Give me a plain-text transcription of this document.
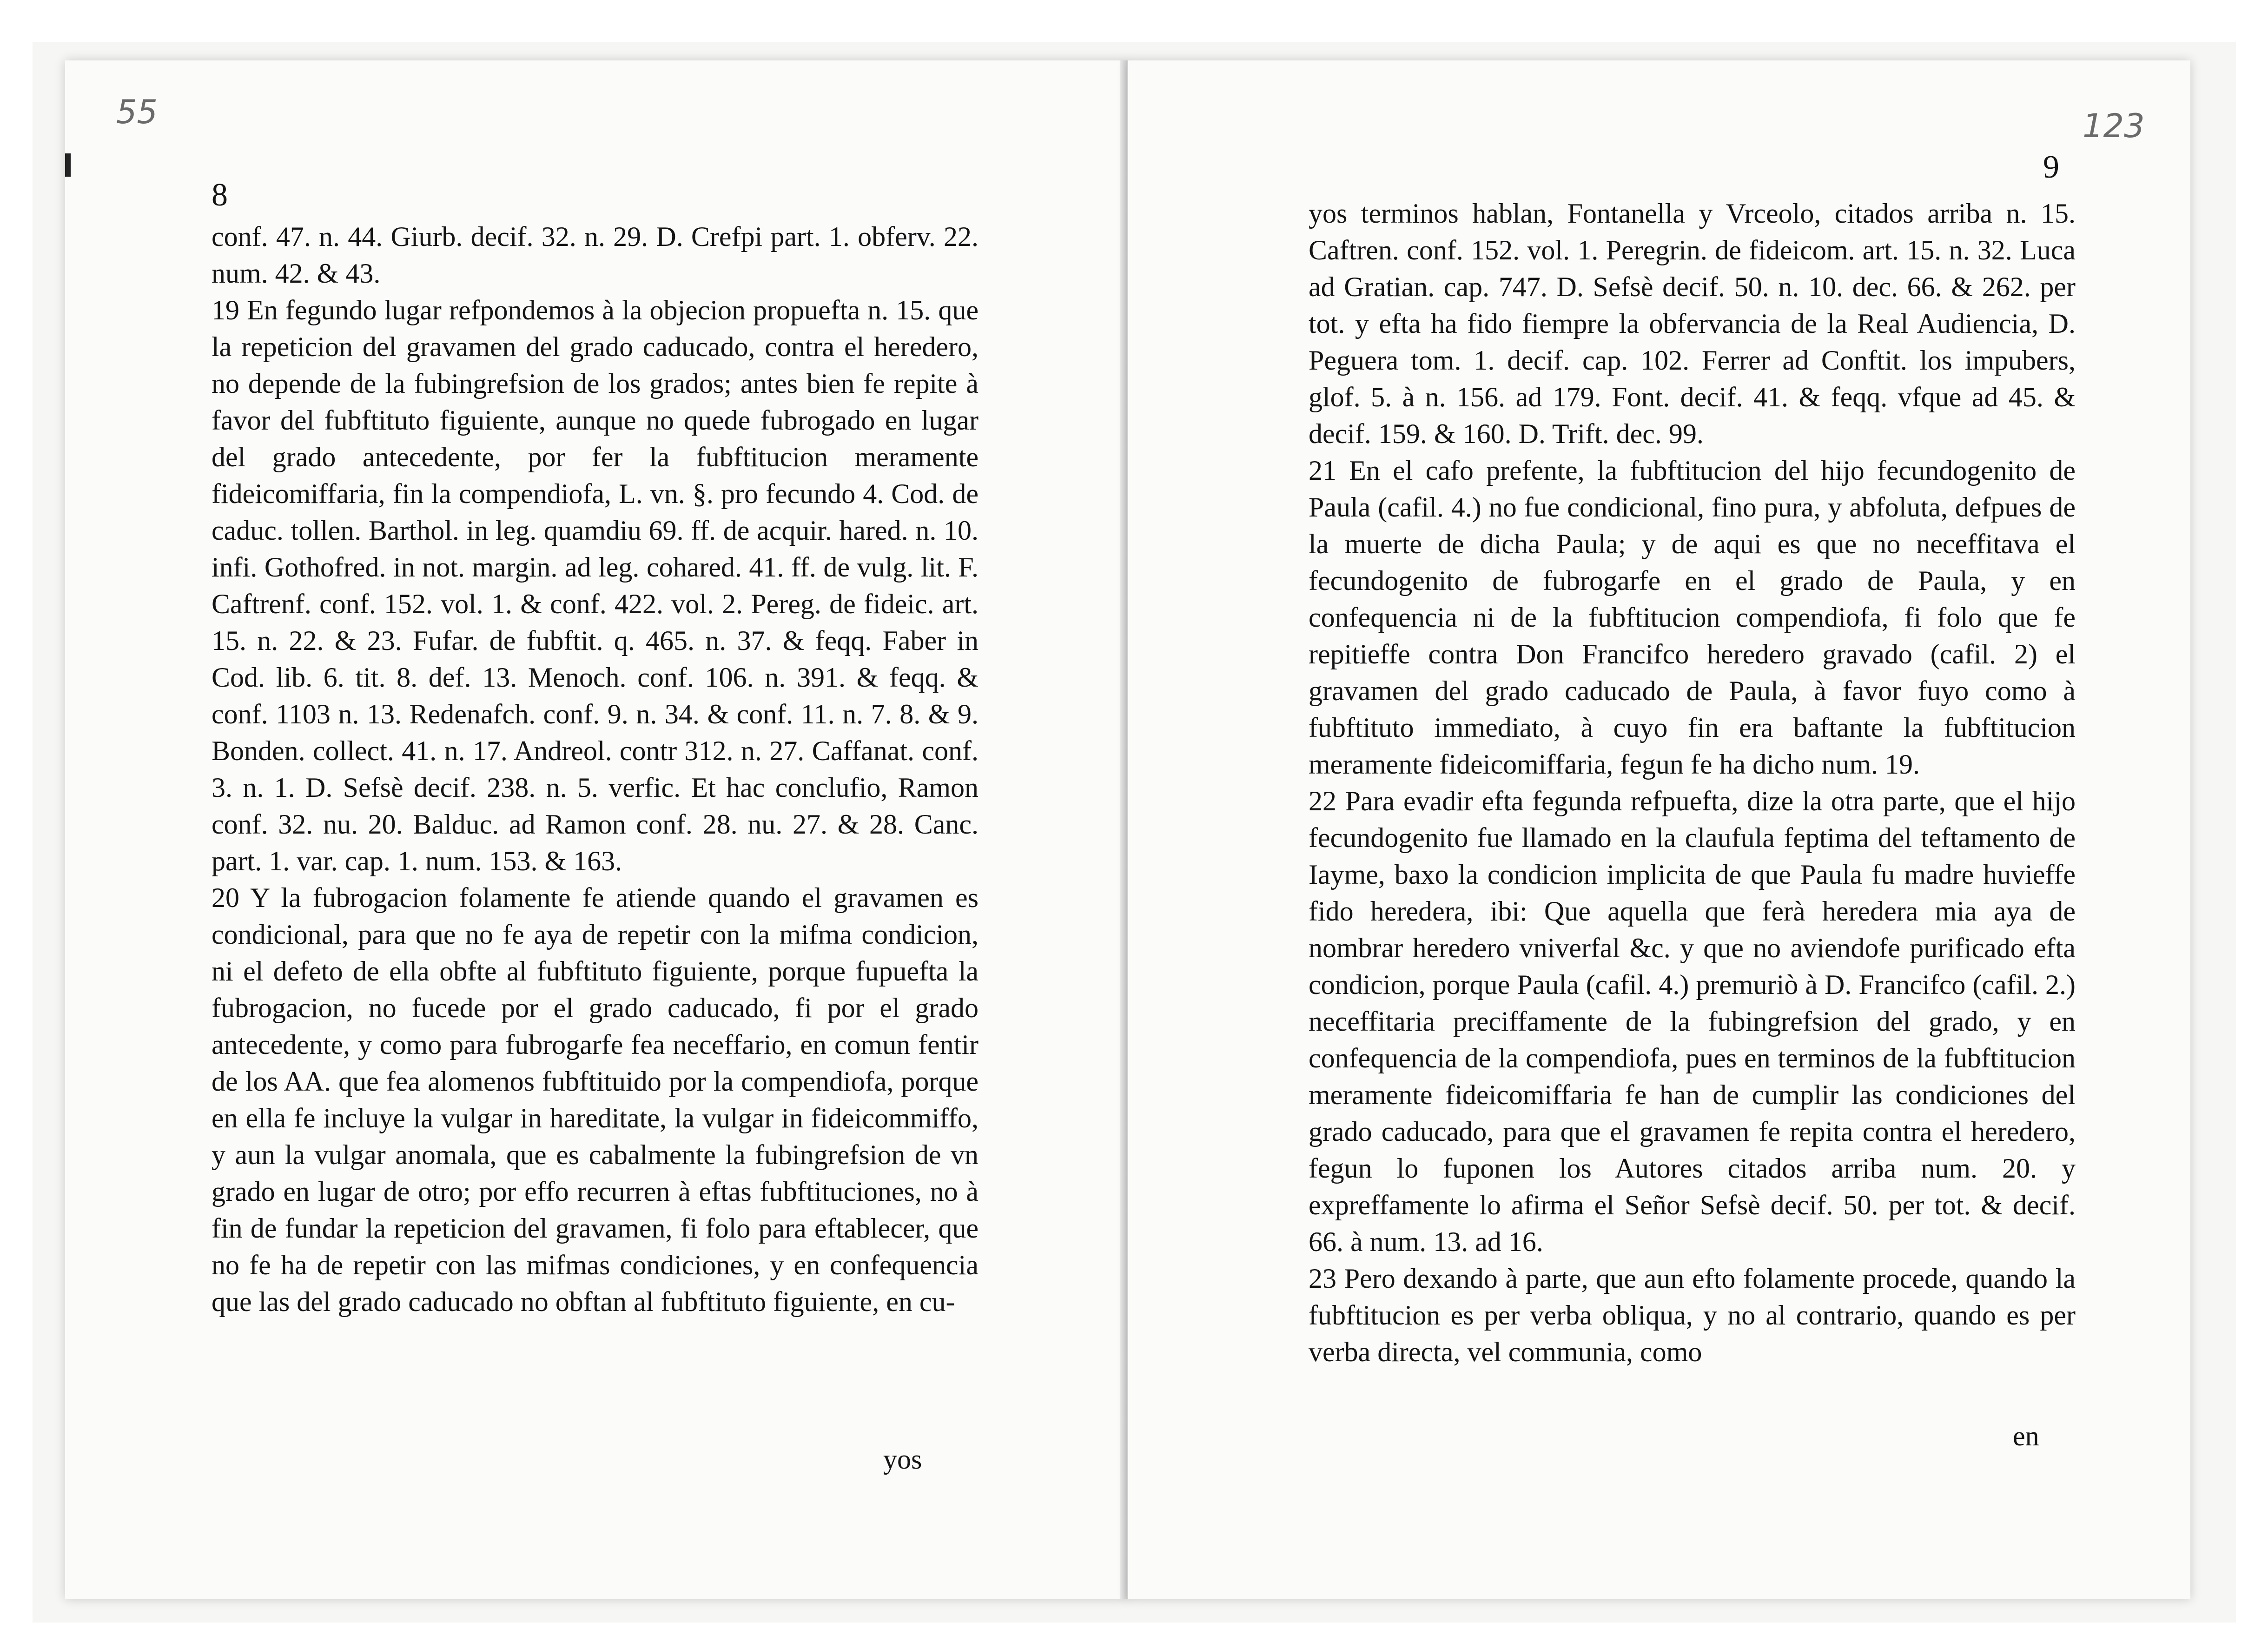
55	123
8
9

conf. 47. n. 44. Giurb. decif. 32. n. 29. D. Crefpi part. 1. obferv. 22. num. 42. & 43.

19 En fegundo lugar refpondemos à la objecion propuefta n. 15. que la repeticion del gravamen del grado caducado, contra el heredero, no depende de la fubingrefsion de los grados; antes bien fe repite à favor del fubftituto figuiente, aunque no quede fubrogado en lugar del grado antecedente, por fer la fubftitucion meramente fideicomiffaria, fin la compendiofa, L. vn. §. pro fecundo 4. Cod. de caduc. tollen. Barthol. in leg. quamdiu 69. ff. de acquir. hared. n. 10. infi. Gothofred. in not. margin. ad leg. cohared. 41. ff. de vulg. lit. F. Caftrenf. conf. 152. vol. 1. & conf. 422. vol. 2. Pereg. de fideic. art. 15. n. 22. & 23. Fufar. de fubftit. q. 465. n. 37. & feqq. Faber in Cod. lib. 6. tit. 8. def. 13. Menoch. conf. 106. n. 391. & feqq. & conf. 1103 n. 13. Redenafch. conf. 9. n. 34. & conf. 11. n. 7. 8. & 9. Bonden. collect. 41. n. 17. Andreol. contr 312. n. 27. Caffanat. conf. 3. n. 1. D. Sefsè decif. 238. n. 5. verfic. Et hac conclufio, Ramon conf. 32. nu. 20. Balduc. ad Ramon conf. 28. nu. 27. & 28. Canc. part. 1. var. cap. 1. num. 153. & 163.

20 Y la fubrogacion folamente fe atiende quando el gravamen es condicional, para que no fe aya de repetir con la mifma condicion, ni el defeto de ella obfte al fubftituto figuiente, porque fupuefta la fubrogacion, no fucede por el grado caducado, fi por el grado antecedente, y como para fubrogarfe fea neceffario, en comun fentir de los AA. que fea alomenos fubftituido por la compendiofa, porque en ella fe incluye la vulgar in hareditate, la vulgar in fideicommiffo, y aun la vulgar anomala, que es cabalmente la fubingrefsion de vn grado en lugar de otro; por effo recurren à eftas fubftituciones, no à fin de fundar la repeticion del gravamen, fi folo para eftablecer, que no fe ha de repetir con las mifmas condiciones, y en confequencia que las del grado caducado no obftan al fubftituto figuiente, en cu-

yos

yos terminos hablan, Fontanella y Vrceolo, citados arriba n. 15. Caftren. conf. 152. vol. 1. Peregrin. de fideicom. art. 15. n. 32. Luca ad Gratian. cap. 747. D. Sefsè decif. 50. n. 10. dec. 66. & 262. per tot. y efta ha fido fiempre la obfervancia de la Real Audiencia, D. Peguera tom. 1. decif. cap. 102. Ferrer ad Conftit. los impubers, glof. 5. à n. 156. ad 179. Font. decif. 41. & feqq. vfque ad 45. & decif. 159. & 160. D. Trift. dec. 99.

21 En el cafo prefente, la fubftitucion del hijo fecundogenito de Paula (cafil. 4.) no fue condicional, fino pura, y abfoluta, defpues de la muerte de dicha Paula; y de aqui es que no neceffitava el fecundogenito de fubrogarfe en el grado de Paula, y en confequencia ni de la fubftitucion compendiofa, fi folo que fe repitieffe contra Don Francifco heredero gravado (cafil. 2) el gravamen del grado caducado de Paula, à favor fuyo como à fubftituto immediato, à cuyo fin era baftante la fubftitucion meramente fideicomiffaria, fegun fe ha dicho num. 19.

22 Para evadir efta fegunda refpuefta, dize la otra parte, que el hijo fecundogenito fue llamado en la claufula feptima del teftamento de Iayme, baxo la condicion implicita de que Paula fu madre huvieffe fido heredera, ibi: Que aquella que ferà heredera mia aya de nombrar heredero vniverfal &c. y que no aviendofe purificado efta condicion, porque Paula (cafil. 4.) premuriò à D. Francifco (cafil. 2.) neceffitaria preciffamente de la fubingrefsion del grado, y en confequencia de la compendiofa, pues en terminos de la fubftitucion meramente fideicomiffaria fe han de cumplir las condiciones del grado caducado, para que el gravamen fe repita contra el heredero, fegun lo fuponen los Autores citados arriba num. 20. y expreffamente lo afirma el Señor Sefsè decif. 50. per tot. & decif. 66. à num. 13. ad 16.

23 Pero dexando à parte, que aun efto folamente procede, quando la fubftitucion es per verba obliqua, y no al contrario, quando es per verba directa, vel communia, como

en
